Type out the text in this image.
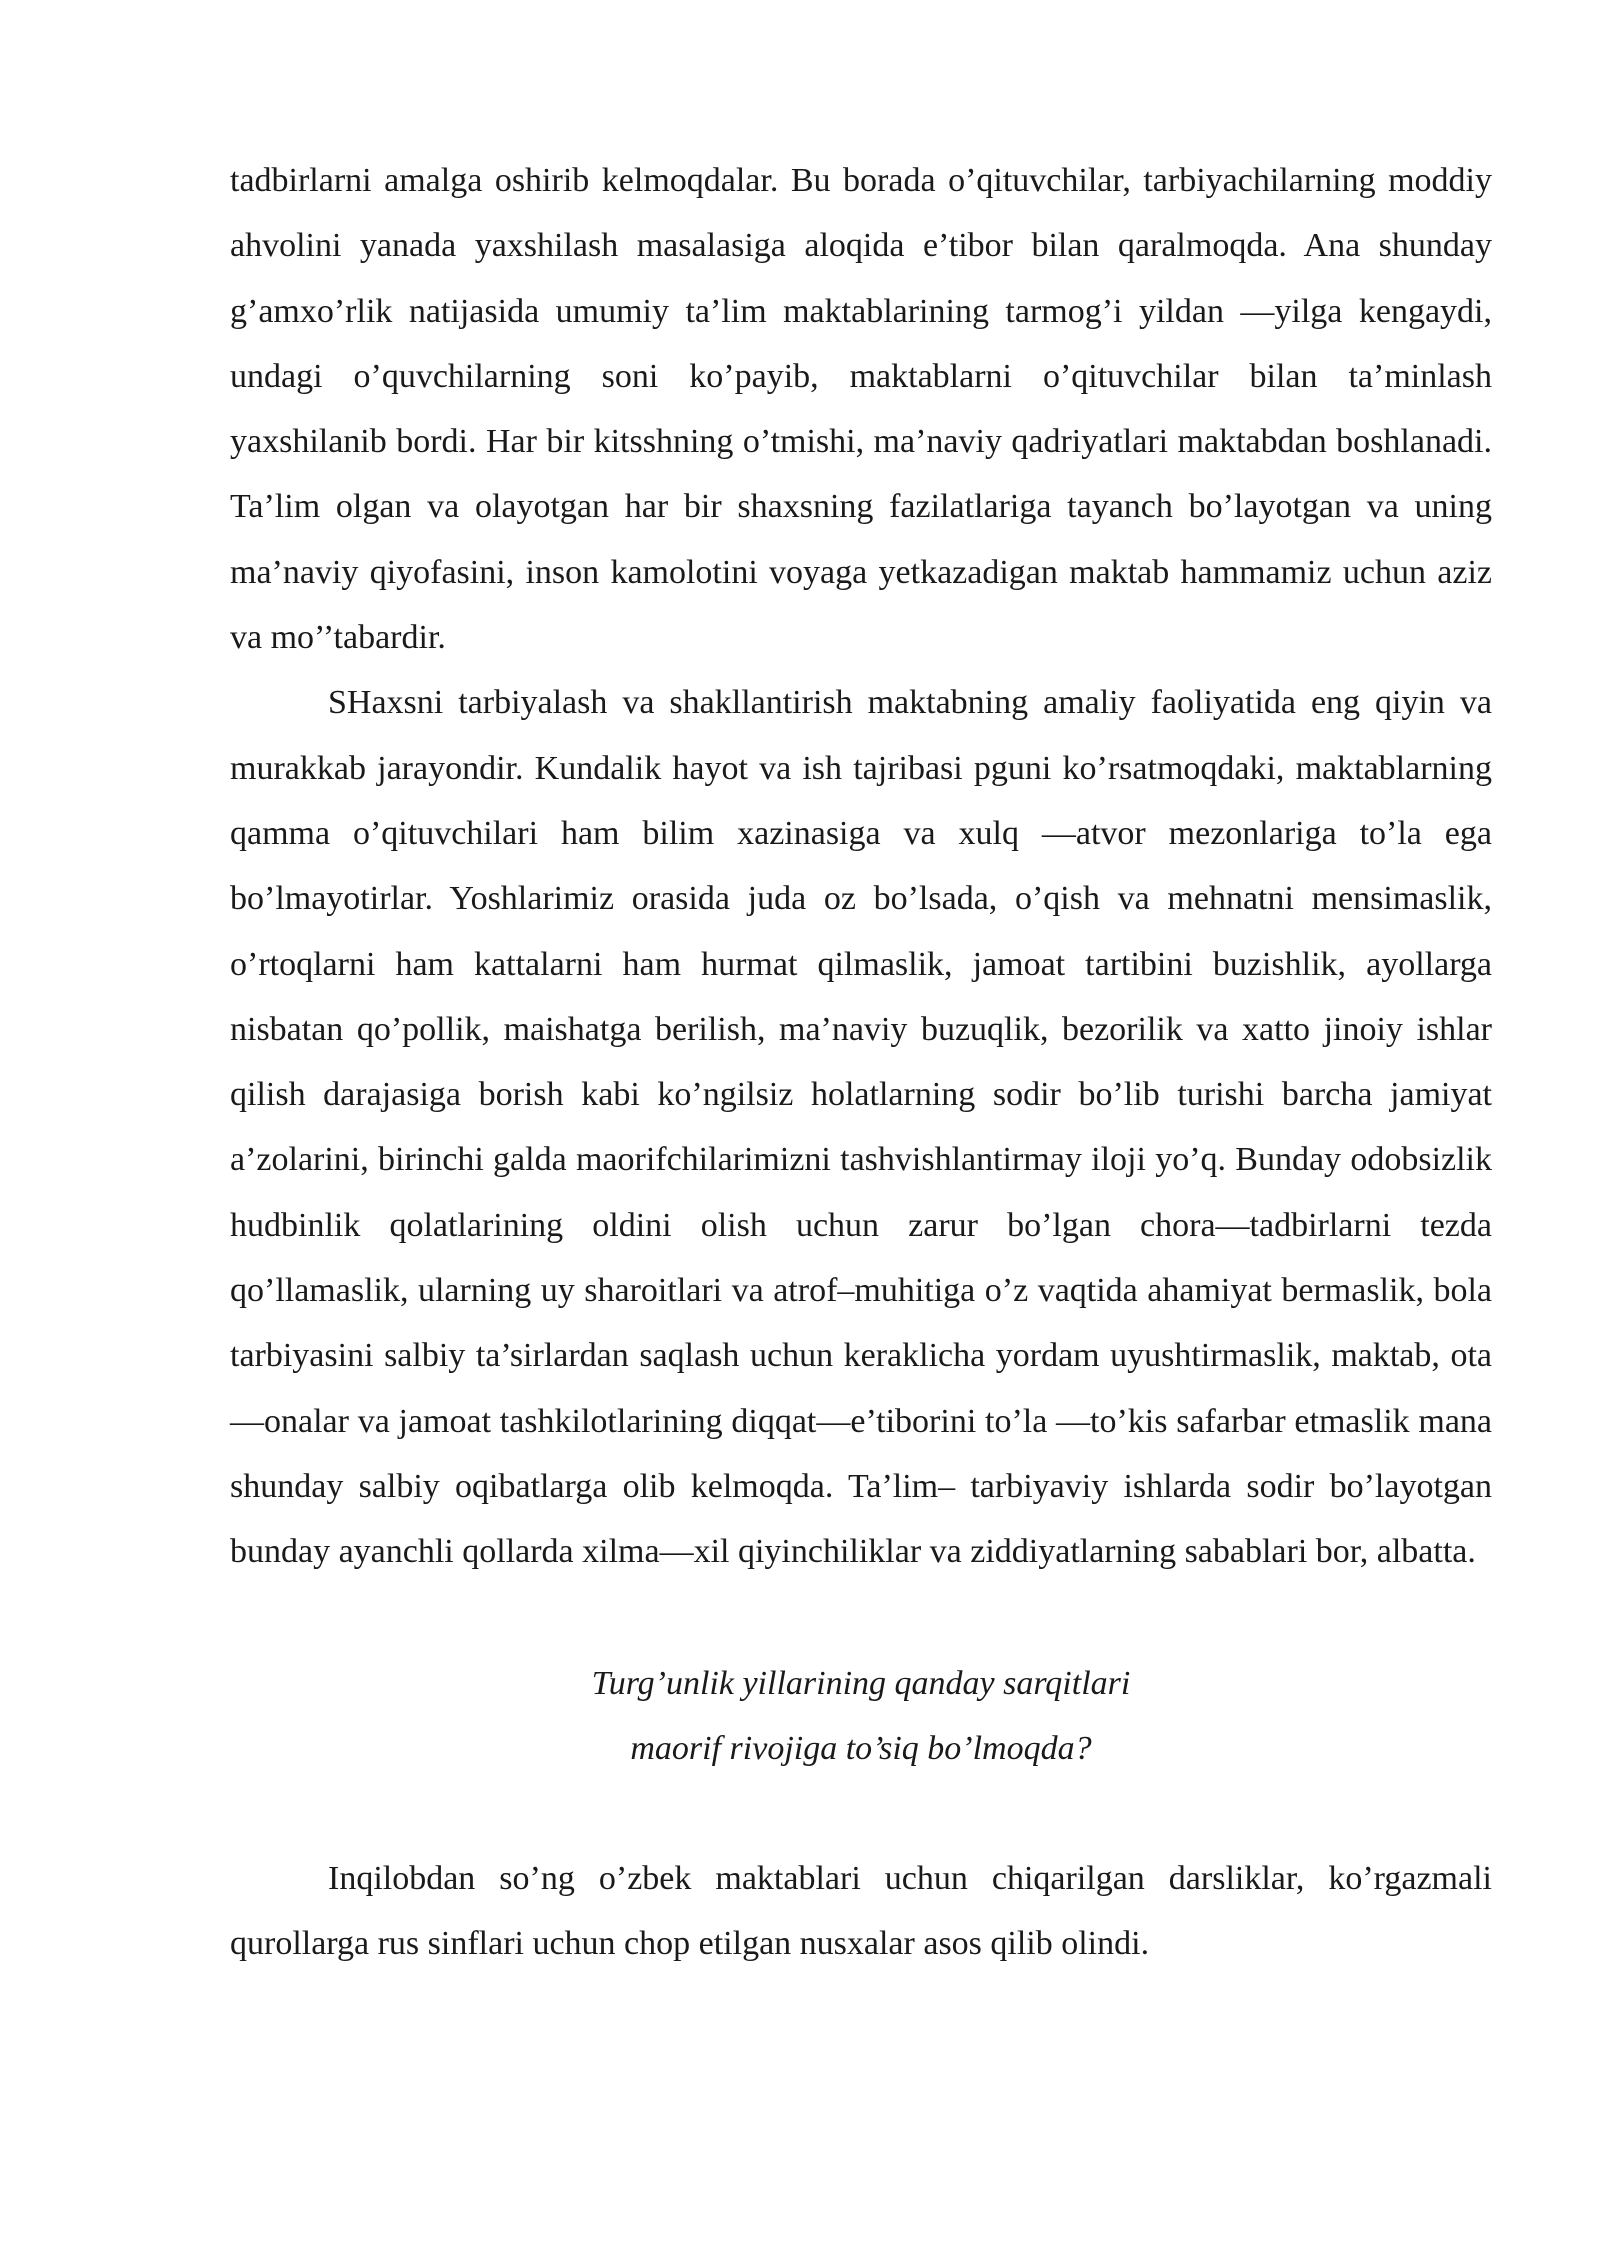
tadbirlarni amalga oshirib kelmoqdalar. Bu borada o’qituvchilar, tarbiyachilarning moddiy ahvolini yanada yaxshilash masalasiga aloqida e’tibor bilan qaralmoqda. Ana shunday g’amxo’rlik natijasida umumiy ta’lim maktablarining tarmog’i yildan —yilga kengaydi, undagi o’quvchilarning soni ko’payib, maktablarni o’qituvchilar bilan ta’minlash yaxshilanib bordi. Har bir kitsshning o’tmishi, ma’naviy qadriyatlari maktabdan boshlanadi. Ta’lim olgan va olayotgan har bir shaxsning fazilatlariga tayanch bo’layotgan va uning ma’naviy qiyofasini, inson kamolotini voyaga yetkazadigan maktab hammamiz uchun aziz va mo’’tabardir.

SHaxsni tarbiyalash va shakllantirish maktabning amaliy faoliyatida eng qiyin va murakkab jarayondir. Kundalik hayot va ish tajribasi pguni ko’rsatmoqdaki, maktablarning qamma o’qituvchilari ham bilim xazinasiga va xulq —atvor mezonlariga to’la ega bo’lmayotirlar. Yoshlarimiz orasida juda oz bo’lsada, o’qish va mehnatni mensimaslik, o’rtoqlarni ham kattalarni ham hurmat qilmaslik, jamoat tartibini buzishlik, ayollarga nisbatan qo’pollik, maishatga berilish, ma’naviy buzuqlik, bezorilik va xatto jinoiy ishlar qilish darajasiga borish kabi ko’ngilsiz holatlarning sodir bo’lib turishi barcha jamiyat a’zolarini, birinchi galda maorifchilarimizni tashvishlantirmay iloji yo’q. Bunday odobsizlik hudbinlik qolatlarining oldini olish uchun zarur bo’lgan chora—tadbirlarni tezda qo’llamaslik, ularning uy sharoitlari va atrof–muhitiga o’z vaqtida ahamiyat bermaslik, bola tarbiyasini salbiy ta’sirlardan saqlash uchun keraklicha yordam uyushtirmaslik, maktab, ota —onalar va jamoat tashkilotlarining diqqat—e’tiborini to’la —to’kis safarbar etmaslik mana shunday salbiy oqibatlarga olib kelmoqda. Ta’lim– tarbiyaviy ishlarda sodir bo’layotgan bunday ayanchli qollarda xilma—xil qiyinchiliklar va ziddiyatlarning sabablari bor, albatta.

Turg’unlik yillarining qanday sarqitlari
maorif rivojiga to’siq bo’lmoqda?

Inqilobdan so’ng o’zbek maktablari uchun chiqarilgan darsliklar, ko’rgazmali qurollarga rus sinflari uchun chop etilgan nusxalar asos qilib olindi.
